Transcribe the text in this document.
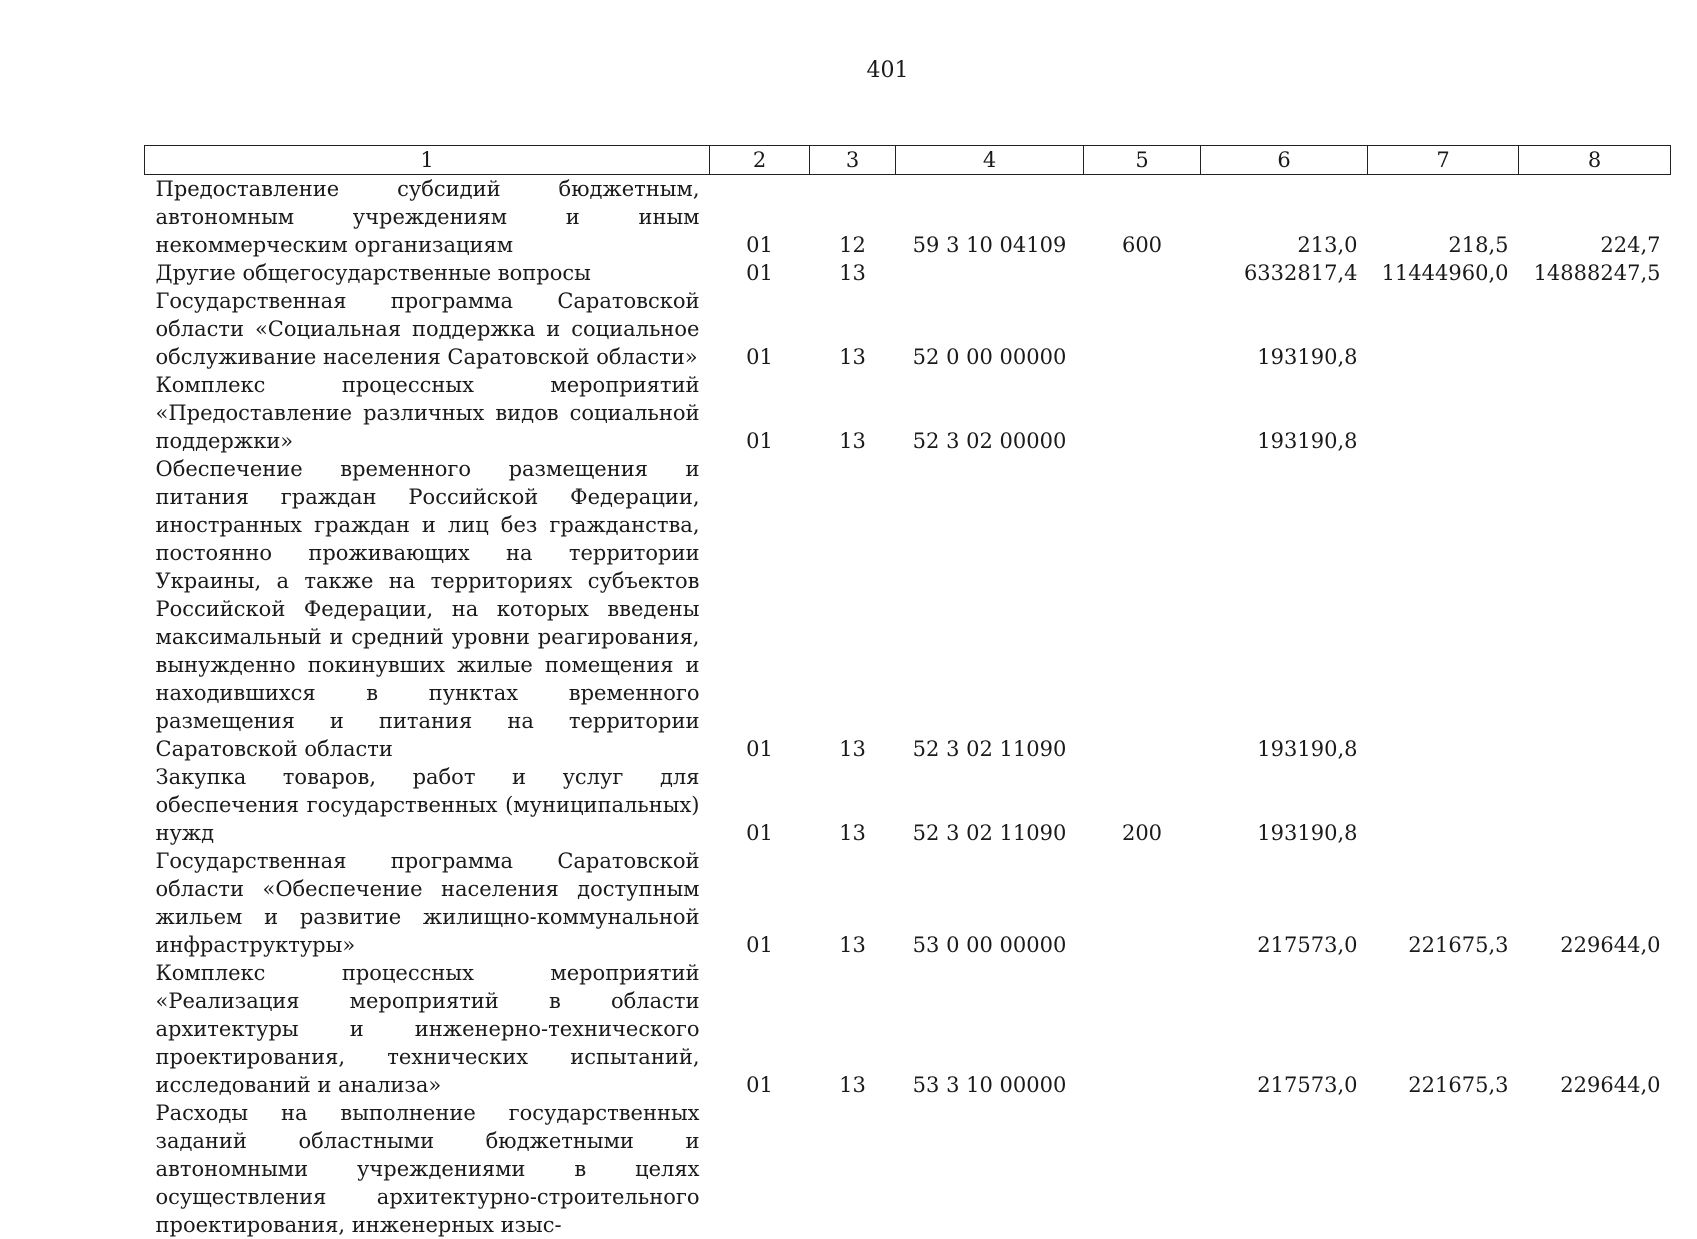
401
1	2	3	4	5	6	7	8
Предоставление субсидий бюджетным, автономным учреждениям и иным некоммерческим организациям	01	12	59 3 10 04109	600	213,0	218,5	224,7
Другие общегосударственные вопросы	01	13			6332817,4	11444960,0	14888247,5
Государственная программа Саратовской области «Социальная поддержка и социальное обслуживание населения Саратовской области»	01	13	52 0 00 00000		193190,8		
Комплекс процессных мероприятий «Предоставление различных видов социальной поддержки»	01	13	52 3 02 00000		193190,8		
Обеспечение временного размещения и питания граждан Российской Федерации, иностранных граждан и лиц без гражданства, постоянно проживающих на территории Украины, а также на территориях субъектов Российской Федерации, на которых введены максимальный и средний уровни реагирования, вынужденно покинувших жилые помещения и находившихся в пунктах временного размещения и питания на территории Саратовской области	01	13	52 3 02 11090		193190,8		
Закупка товаров, работ и услуг для обеспечения государственных (муниципальных) нужд	01	13	52 3 02 11090	200	193190,8		
Государственная программа Саратовской области «Обеспечение населения доступным жильем и развитие жилищно-коммунальной инфраструктуры»	01	13	53 0 00 00000		217573,0	221675,3	229644,0
Комплекс процессных мероприятий «Реализация мероприятий в области архитектуры и инженерно-технического проектирования, технических испытаний, исследований и анализа»	01	13	53 3 10 00000		217573,0	221675,3	229644,0
Расходы на выполнение государственных заданий областными бюджетными и автономными учреждениями в целях осуществления архитектурно-строительного проектирования, инженерных изыс-							
